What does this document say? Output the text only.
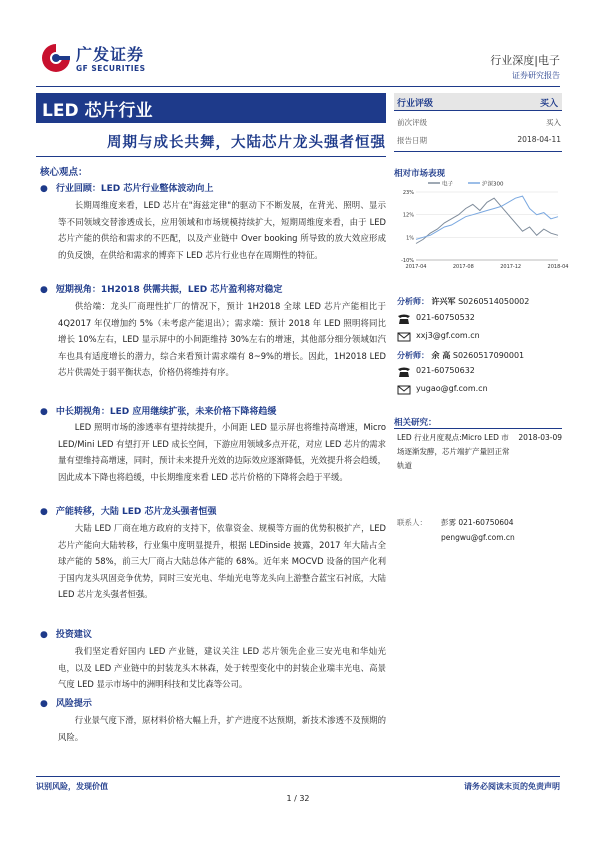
广发证券
GF SECURITIES
行业深度|电子
证券研究报告
LED 芯片行业
周期与成长共舞，大陆芯片龙头强者恒强
核心观点：
● 行业回顾：LED 芯片行业整体波动向上
长期周维度来看，LED 芯片在"海兹定律"的驱动下不断发展，在背光、照明、显示等不同领域交替渗透成长，应用领域和市场规模持续扩大，短期周维度来看，由于 LED 芯片产能的供给和需求的不匹配，以及产业链中 Over booking 所导致的放大效应形成的负反馈，在供给和需求的博弈下 LED 芯片行业也存在周期性的特征。
● 短期视角：1H2018 供需共振，LED 芯片盈利将对稳定
供给端：龙头厂商理性扩厂的情况下，预计 1H2018 全球 LED 芯片产能相比于 4Q2017 年仅增加约 5%（未考虑产能退出）；需求端：预计 2018 年 LED 照明将同比增长 10%左右，LED 显示屏中的小间距维持 30%左右的增速，其他部分细分领域如汽车也具有适度增长的潜力，综合来看预计需求端有 8~9%的增长。因此，1H2018 LED 芯片供需处于弱平衡状态，价格仍将维持有序。
● 中长期视角：LED 应用继续扩张，未来价格下降将趋缓
LED 照明市场的渗透率有望持续提升，小间距 LED 显示屏也将维持高增速，Micro LED/Mini LED 有望打开 LED 成长空间，下游应用领域多点开花，对应 LED 芯片的需求量有望维持高增速，同时，预计未来提升光效的边际效应逐渐降低，光效提升将会趋缓，因此成本下降也将趋缓，中长期维度来看 LED 芯片价格的下降将会趋于平缓。
● 产能转移，大陆 LED 芯片龙头强者恒强
大陆 LED 厂商在地方政府的支持下，依靠资金、规模等方面的优势积极扩产，LED 芯片产能向大陆转移，行业集中度明显提升，根据 LEDinside 披露，2017 年大陆占全球产能的 58%，前三大厂商占大陆总体产能的 68%。近年来 MOCVD 设备的国产化利于国内龙头巩固竞争优势，同时三安光电、华灿光电等龙头向上游整合蓝宝石衬底，大陆 LED 芯片龙头强者恒强。
● 投资建议
我们坚定看好国内 LED 产业链，建议关注 LED 芯片领先企业三安光电和华灿光电，以及 LED 产业链中的封装龙头木林森，处于转型变化中的封装企业瑞丰光电、高景气度 LED 显示市场中的洲明科技和艾比森等公司。
● 风险提示
行业景气度下滑，原材料价格大幅上升，扩产进度不达预期，新技术渗透不及预期的风险。
行业评级	买入
前次评级	买入
报告日期	2018-04-11
相对市场表现
电子	沪深300
23%
12%
1%
-10%
2017-04	2017-08	2017-12	2018-04
分析师： 许兴军 S0260514050002
021-60750532
xxj3@gf.com.cn
分析师： 余 高 S0260517090001
021-60750632
yugao@gf.com.cn
相关研究：
LED 行业月度观点:Micro LED 市场逐渐发酵，芯片端扩产量回正常轨道
2018-03-09
联系人： 彭雾 021-60750604
pengwu@gf.com.cn
识别风险，发现价值	请务必阅读末页的免责声明
1 / 32
